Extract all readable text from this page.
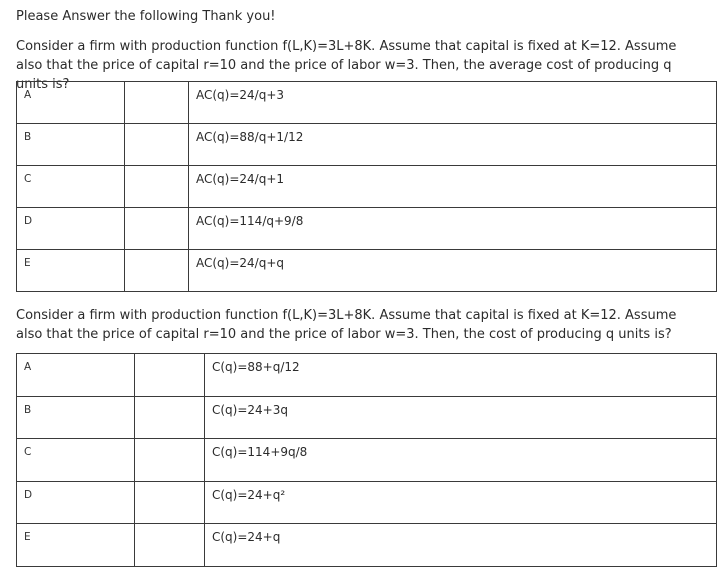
Please Answer the following Thank you!
Consider a firm with production function f(L,K)=3L+8K. Assume that capital is fixed at K=12. Assume also that the price of capital r=10 and the price of labor w=3. Then, the average cost of producing q units is?
A		AC(q)=24/q+3
B		AC(q)=88/q+1/12
C		AC(q)=24/q+1
D		AC(q)=114/q+9/8
E		AC(q)=24/q+q
Consider a firm with production function f(L,K)=3L+8K. Assume that capital is fixed at K=12. Assume also that the price of capital r=10 and the price of labor w=3. Then, the cost of producing q units is?
A		C(q)=88+q/12
B		C(q)=24+3q
C		C(q)=114+9q/8
D		C(q)=24+q²
E		C(q)=24+q
